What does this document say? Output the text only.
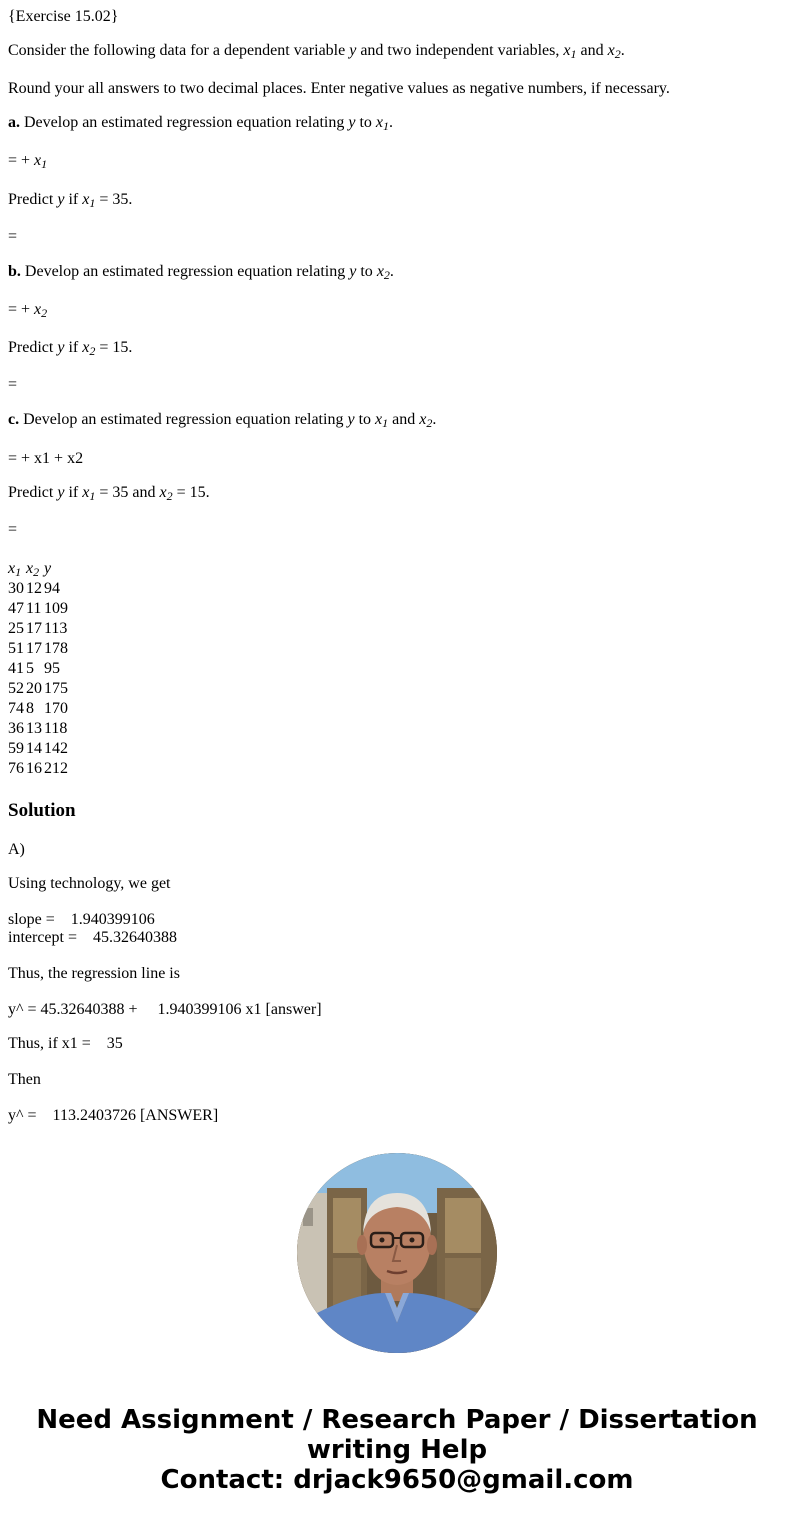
{Exercise 15.02}

Consider the following data for a dependent variable y and two independent variables, $x_1$ and $x_2$.

Round your all answers to two decimal places. Enter negative values as negative numbers, if necessary.

a. Develop an estimated regression equation relating y to $x_1$.

= + $x_1$

Predict y if $x_1 = 35$.

=

b. Develop an estimated regression equation relating y to $x_2$.

= + $x_2$

Predict y if $x_2 = 15$.

=

c. Develop an estimated regression equation relating y to $x_1$ and $x_2$.

= + x1 + x2

Predict y if $x_1 = 35$ and $x_2 = 15$.

=

$x_1$	$x_2$	y
30	12	94
47	11	109
25	17	113
51	17	178
41	5	95
52	20	175
74	8	170
36	13	118
59	14	142
76	16	212
Solution

A)

Using technology, we get

slope =    1.940399106

intercept =    45.32640388

Thus, the regression line is

y^ = 45.32640388 +     1.940399106 x1 [answer]

Thus, if x1 =    35

Then

y^ =    113.2403726 [ANSWER]

Need Assignment / Research Paper / Dissertation
writing Help
Contact: drjack9650@gmail.com
